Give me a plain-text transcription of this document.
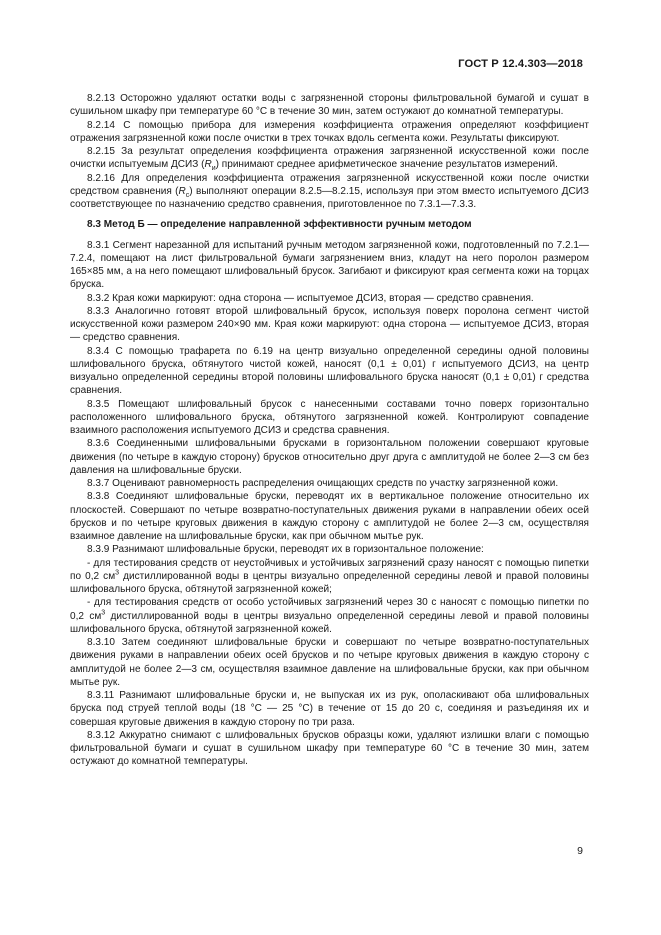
ГОСТ Р 12.4.303—2018

8.2.13 Осторожно удаляют остатки воды с загрязненной стороны фильтровальной бумагой и сушат в сушильном шкафу при температуре 60 °С в течение 30 мин, затем остужают до комнатной температуры.

8.2.14 С помощью прибора для измерения коэффициента отражения определяют коэффициент отражения загрязненной кожи после очистки в трех точках вдоль сегмента кожи. Результаты фиксируют.

8.2.15 За результат определения коэффициента отражения загрязненной искусственной кожи после очистки испытуемым ДСИЗ $(R_и)$ принимают среднее арифметическое значение результатов измерений.

8.2.16 Для определения коэффициента отражения загрязненной искусственной кожи после очистки средством сравнения $(R_с)$ выполняют операции 8.2.5—8.2.15, используя при этом вместо испытуемого ДСИЗ соответствующее по назначению средство сравнения, приготовленное по 7.3.1—7.3.3.

8.3 Метод Б — определение направленной эффективности ручным методом

8.3.1 Сегмент нарезанной для испытаний ручным методом загрязненной кожи, подготовленный по 7.2.1—7.2.4, помещают на лист фильтровальной бумаги загрязнением вниз, кладут на него поролон размером 165×85 мм, а на него помещают шлифовальный брусок. Загибают и фиксируют края сегмента кожи на торцах бруска.

8.3.2 Края кожи маркируют: одна сторона — испытуемое ДСИЗ, вторая — средство сравнения.

8.3.3 Аналогично готовят второй шлифовальный брусок, используя поверх поролона сегмент чистой искусственной кожи размером 240×90 мм. Края кожи маркируют: одна сторона — испытуемое ДСИЗ, вторая — средство сравнения.

8.3.4 С помощью трафарета по 6.19 на центр визуально определенной середины одной половины шлифовального бруска, обтянутого чистой кожей, наносят (0,1 ± 0,01) г испытуемого ДСИЗ, на центр визуально определенной середины второй половины шлифовального бруска наносят (0,1 ± 0,01) г средства сравнения.

8.3.5 Помещают шлифовальный брусок с нанесенными составами точно поверх горизонтально расположенного шлифовального бруска, обтянутого загрязненной кожей. Контролируют совпадение взаимного расположения испытуемого ДСИЗ и средства сравнения.

8.3.6 Соединенными шлифовальными брусками в горизонтальном положении совершают круговые движения (по четыре в каждую сторону) брусков относительно друг друга с амплитудой не более 2—3 см без давления на шлифовальные бруски.

8.3.7 Оценивают равномерность распределения очищающих средств по участку загрязненной кожи.

8.3.8 Соединяют шлифовальные бруски, переводят их в вертикальное положение относительно их плоскостей. Совершают по четыре возвратно-поступательных движения руками в направлении обеих осей брусков и по четыре круговых движения в каждую сторону с амплитудой не более 2—3 см, осуществляя взаимное давление на шлифовальные бруски, как при обычном мытье рук.

8.3.9 Разнимают шлифовальные бруски, переводят их в горизонтальное положение:

- для тестирования средств от неустойчивых и устойчивых загрязнений сразу наносят с помощью пипетки по 0,2 $см^3$ дистиллированной воды в центры визуально определенной середины левой и правой половины шлифовального бруска, обтянутой загрязненной кожей;

- для тестирования средств от особо устойчивых загрязнений через 30 с наносят с помощью пипетки по 0,2 $см^3$ дистиллированной воды в центры визуально определенной середины левой и правой половины шлифовального бруска, обтянутой загрязненной кожей.

8.3.10 Затем соединяют шлифовальные бруски и совершают по четыре возвратно-поступательных движения руками в направлении обеих осей брусков и по четыре круговых движения в каждую сторону с амплитудой не более 2—3 см, осуществляя взаимное давление на шлифовальные бруски, как при обычном мытье рук.

8.3.11 Разнимают шлифовальные бруски и, не выпуская их из рук, ополаскивают оба шлифовальных бруска под струей теплой воды (18 °С — 25 °С) в течение от 15 до 20 с, соединяя и разъединяя их и совершая круговые движения в каждую сторону по три раза.

8.3.12 Аккуратно снимают с шлифовальных брусков образцы кожи, удаляют излишки влаги с помощью фильтровальной бумаги и сушат в сушильном шкафу при температуре 60 °С в течение 30 мин, затем остужают до комнатной температуры.

9
